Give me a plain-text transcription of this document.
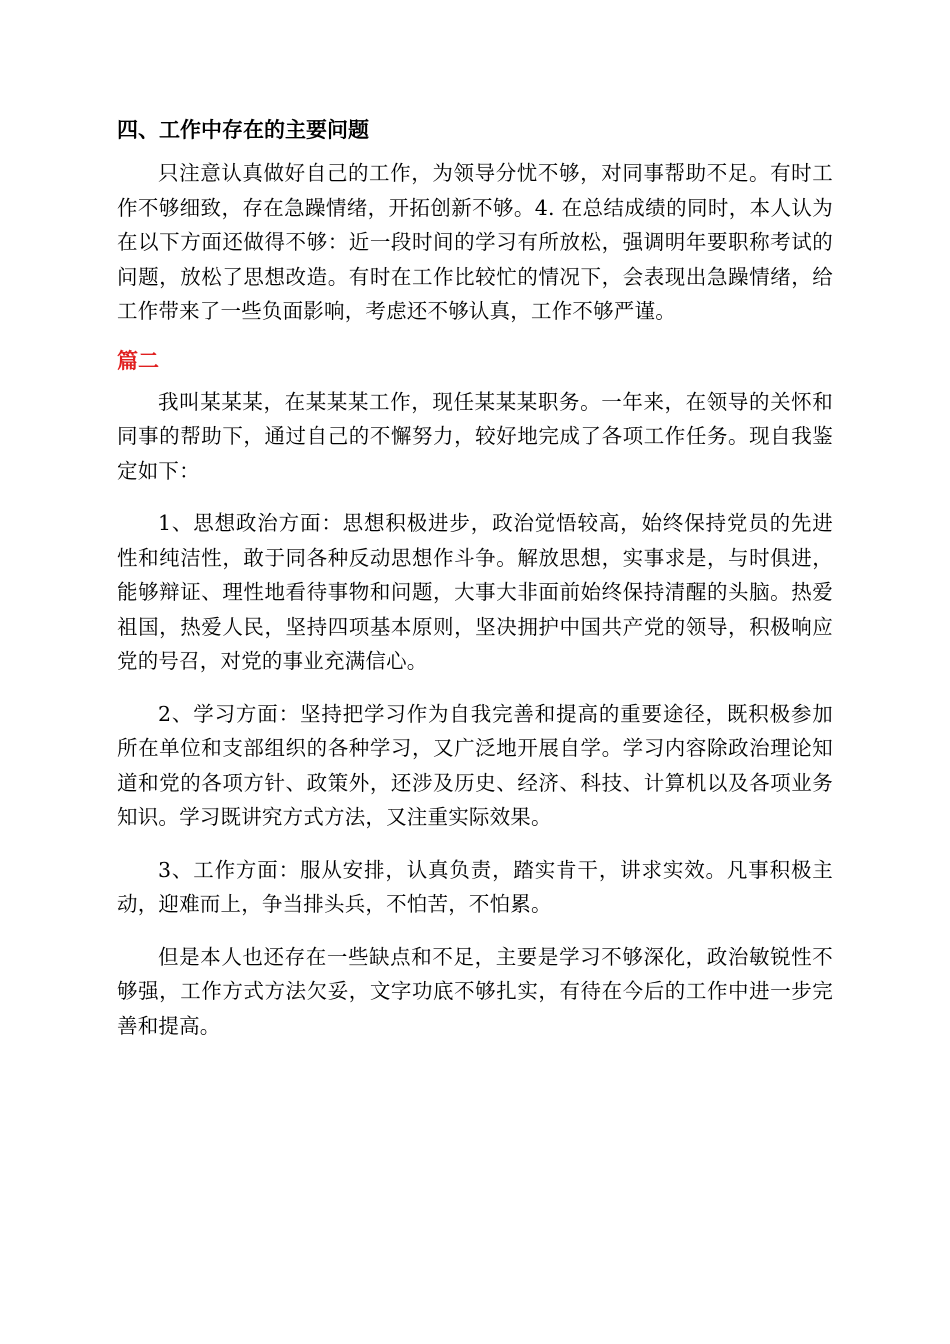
四、工作中存在的主要问题

只注意认真做好自己的工作，为领导分忧不够，对同事帮助不足。有时工作不够细致，存在急躁情绪，开拓创新不够。4. 在总结成绩的同时，本人认为在以下方面还做得不够：近一段时间的学习有所放松，强调明年要职称考试的问题，放松了思想改造。有时在工作比较忙的情况下，会表现出急躁情绪，给工作带来了一些负面影响，考虑还不够认真，工作不够严谨。

篇二

我叫某某某，在某某某工作，现任某某某职务。一年来，在领导的关怀和同事的帮助下，通过自己的不懈努力，较好地完成了各项工作任务。现自我鉴定如下：

1、思想政治方面：思想积极进步，政治觉悟较高，始终保持党员的先进性和纯洁性，敢于同各种反动思想作斗争。解放思想，实事求是，与时俱进，能够辩证、理性地看待事物和问题，大事大非面前始终保持清醒的头脑。热爱祖国，热爱人民，坚持四项基本原则，坚决拥护中国共产党的领导，积极响应党的号召，对党的事业充满信心。

2、学习方面：坚持把学习作为自我完善和提高的重要途径，既积极参加所在单位和支部组织的各种学习，又广泛地开展自学。学习内容除政治理论知道和党的各项方针、政策外，还涉及历史、经济、科技、计算机以及各项业务知识。学习既讲究方式方法，又注重实际效果。

3、工作方面：服从安排，认真负责，踏实肯干，讲求实效。凡事积极主动，迎难而上，争当排头兵，不怕苦，不怕累。

但是本人也还存在一些缺点和不足，主要是学习不够深化，政治敏锐性不够强，工作方式方法欠妥，文字功底不够扎实，有待在今后的工作中进一步完善和提高。
